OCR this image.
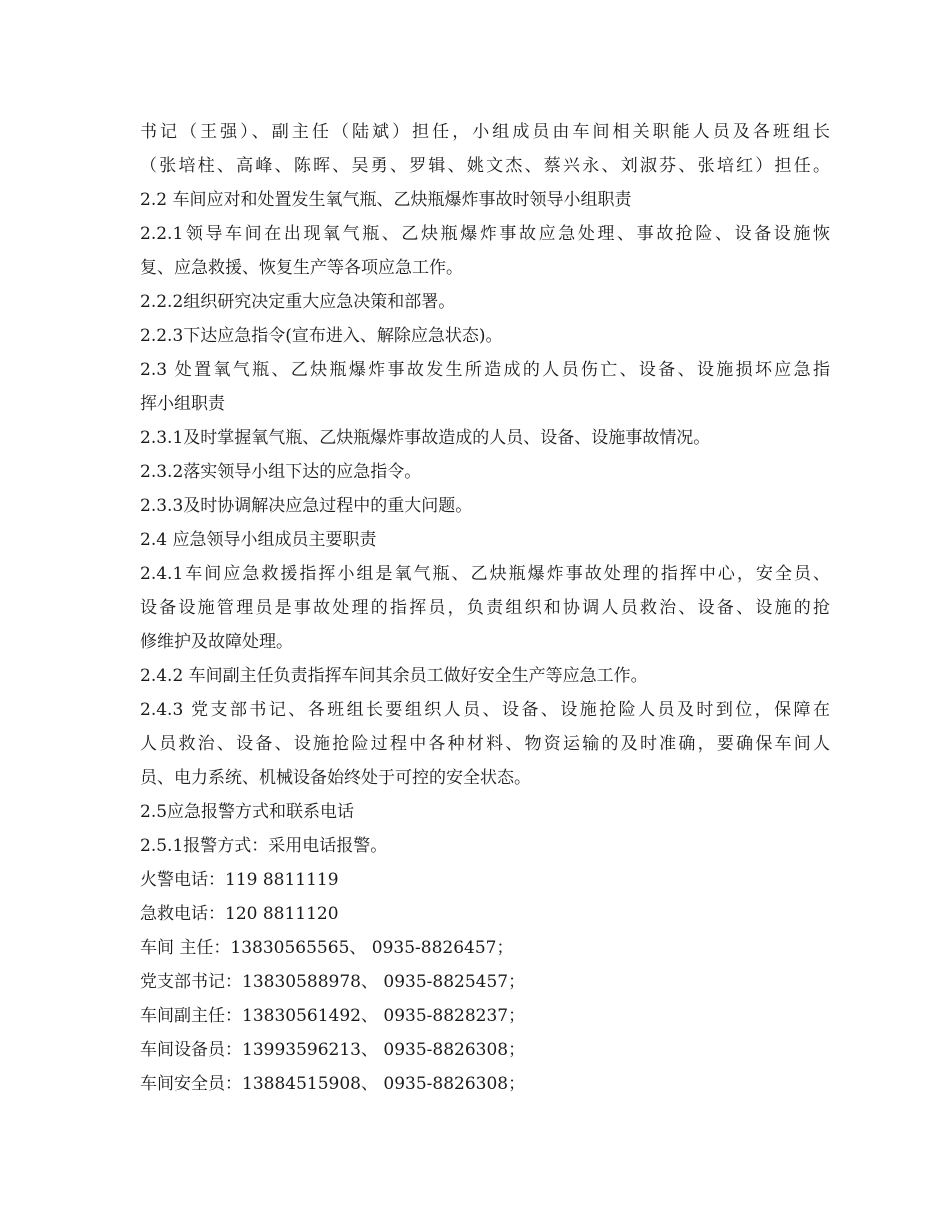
书记（王强）、副主任（陆斌）担任，小组成员由车间相关职能人员及各班组长
（张培柱、高峰、陈晖、吴勇、罗辑、姚文杰、蔡兴永、刘淑芬、张培红）担任。
2.2 车间应对和处置发生氧气瓶、乙炔瓶爆炸事故时领导小组职责
2.2.1领导车间在出现氧气瓶、乙炔瓶爆炸事故应急处理、事故抢险、设备设施恢
复、应急救援、恢复生产等各项应急工作。
2.2.2组织研究决定重大应急决策和部署。
2.2.3下达应急指令(宣布进入、解除应急状态)。
2.3 处置氧气瓶、乙炔瓶爆炸事故发生所造成的人员伤亡、设备、设施损坏应急指
挥小组职责
2.3.1及时掌握氧气瓶、乙炔瓶爆炸事故造成的人员、设备、设施事故情况。
2.3.2落实领导小组下达的应急指令。
2.3.3及时协调解决应急过程中的重大问题。
2.4 应急领导小组成员主要职责
2.4.1车间应急救援指挥小组是氧气瓶、乙炔瓶爆炸事故处理的指挥中心，安全员、
设备设施管理员是事故处理的指挥员，负责组织和协调人员救治、设备、设施的抢
修维护及故障处理。
2.4.2 车间副主任负责指挥车间其余员工做好安全生产等应急工作。
2.4.3 党支部书记、各班组长要组织人员、设备、设施抢险人员及时到位，保障在
人员救治、设备、设施抢险过程中各种材料、物资运输的及时准确，要确保车间人
员、电力系统、机械设备始终处于可控的安全状态。
2.5应急报警方式和联系电话
2.5.1报警方式：采用电话报警。
火警电话：119 8811119
急救电话：120 8811120
车间 主任：13830565565、 0935-8826457；
党支部书记：13830588978、 0935-8825457；
车间副主任：13830561492、 0935-8828237；
车间设备员：13993596213、 0935-8826308；
车间安全员：13884515908、 0935-8826308；
